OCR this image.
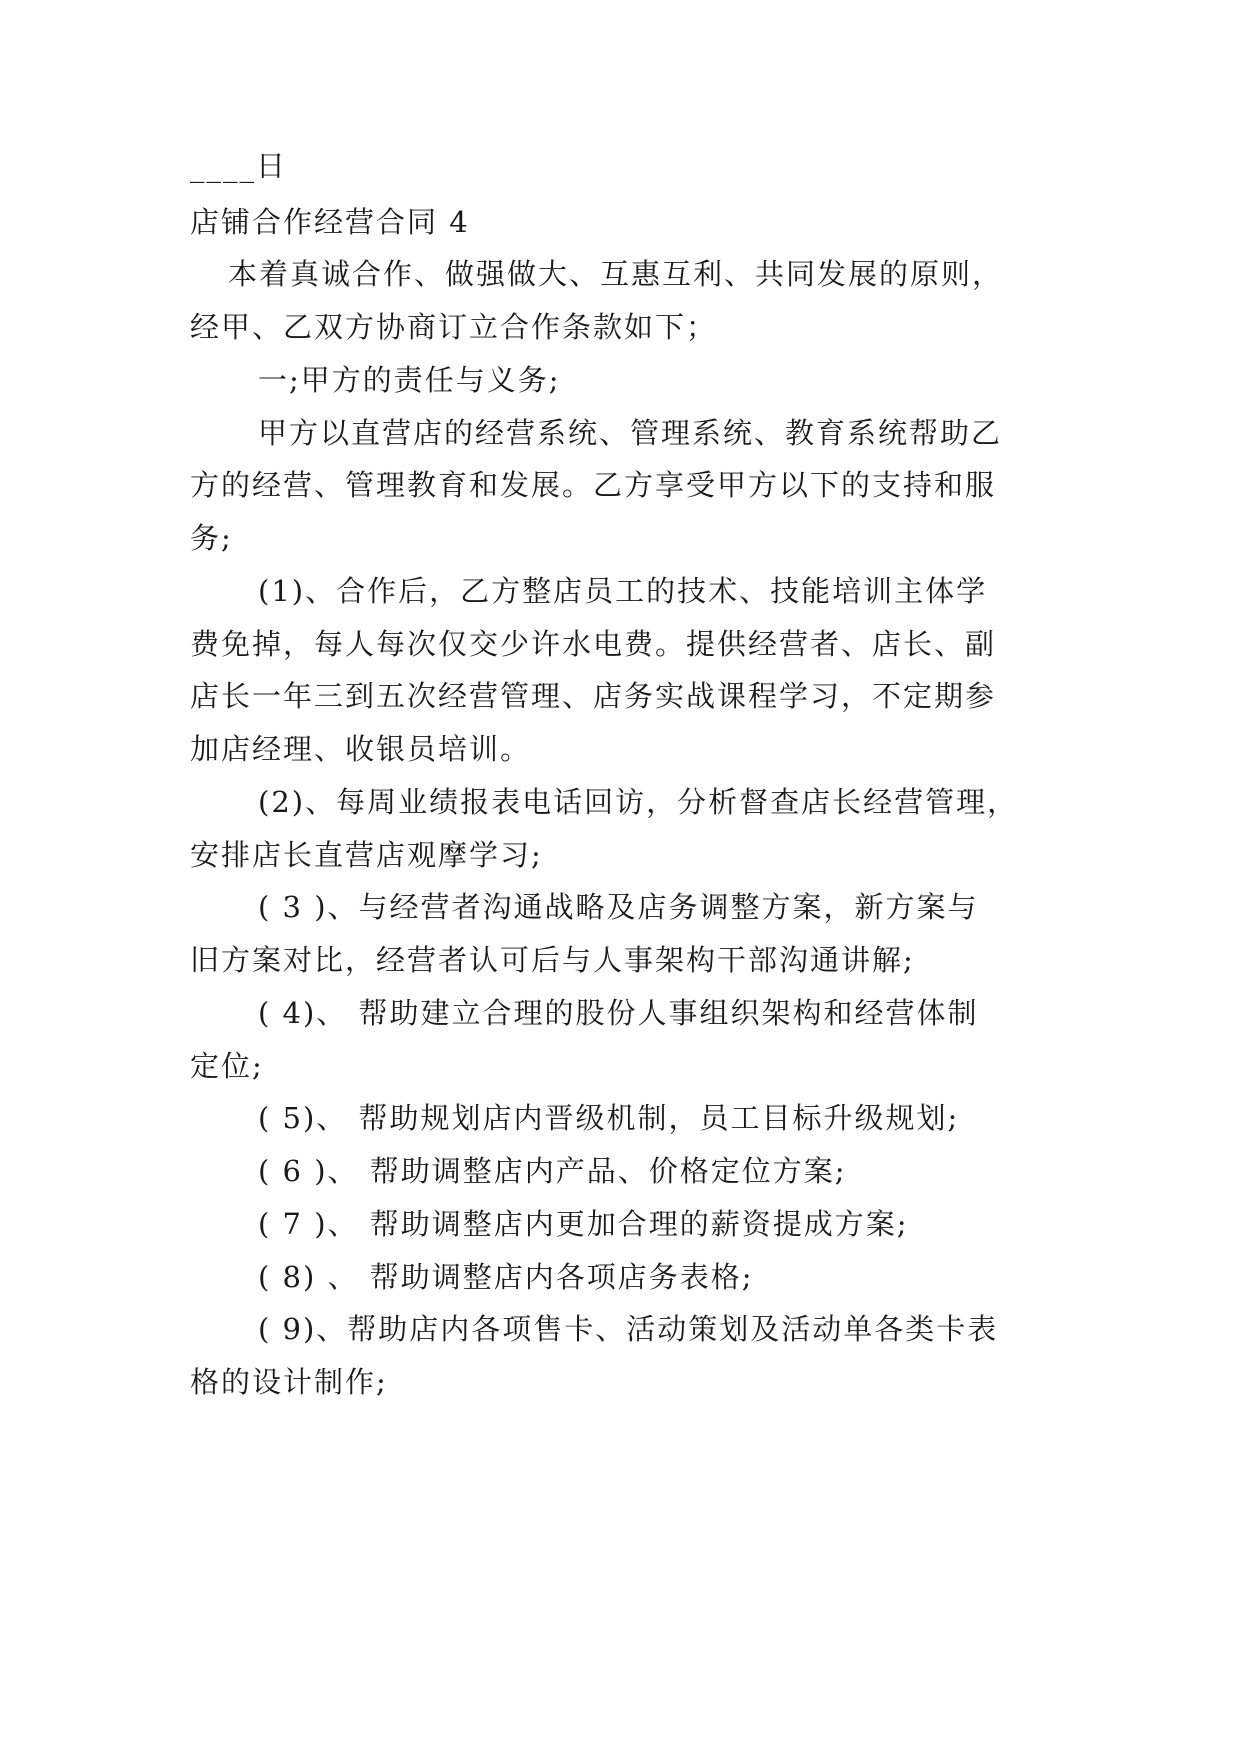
____日
店铺合作经营合同 4
本着真诚合作、做强做大、互惠互利、共同发展的原则，
经甲、乙双方协商订立合作条款如下；
一;甲方的责任与义务;
甲方以直营店的经营系统、管理系统、教育系统帮助乙
方的经营、管理教育和发展。乙方享受甲方以下的支持和服
务;
(1)、合作后，乙方整店员工的技术、技能培训主体学
费免掉，每人每次仅交少许水电费。提供经营者、店长、副
店长一年三到五次经营管理、店务实战课程学习，不定期参
加店经理、收银员培训。
(2)、每周业绩报表电话回访，分析督查店长经营管理，
安排店长直营店观摩学习;
( 3 )、与经营者沟通战略及店务调整方案，新方案与
旧方案对比，经营者认可后与人事架构干部沟通讲解;
( 4)、 帮助建立合理的股份人事组织架构和经营体制
定位;
( 5)、 帮助规划店内晋级机制，员工目标升级规划;
( 6 )、 帮助调整店内产品、价格定位方案;
( 7 )、 帮助调整店内更加合理的薪资提成方案;
( 8) 、 帮助调整店内各项店务表格;
( 9)、帮助店内各项售卡、活动策划及活动单各类卡表
格的设计制作;
